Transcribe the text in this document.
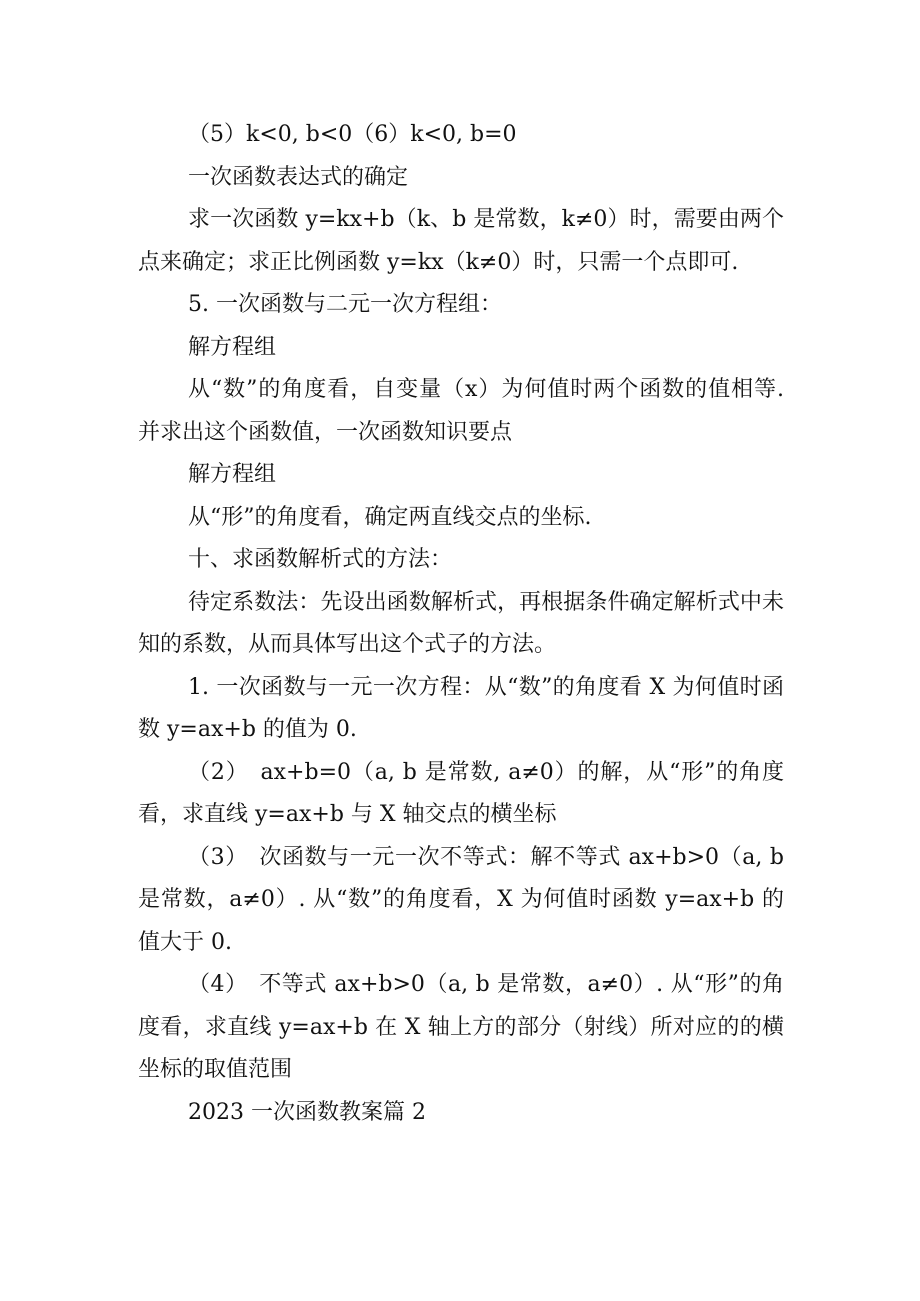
（5）k<0, b<0（6）k<0, b=0

一次函数表达式的确定

求一次函数 y=kx+b（k、b 是常数，k≠0）时，需要由两个点来确定；求正比例函数 y=kx（k≠0）时，只需一个点即可.

5. 一次函数与二元一次方程组：

解方程组

从“数”的角度看，自变量（x）为何值时两个函数的值相等. 并求出这个函数值，一次函数知识要点

解方程组

从“形”的角度看，确定两直线交点的坐标.

十、求函数解析式的方法：

待定系数法：先设出函数解析式，再根据条件确定解析式中未知的系数，从而具体写出这个式子的方法。

1. 一次函数与一元一次方程：从“数”的角度看 X 为何值时函数 y=ax+b 的值为 0.

（2）　ax+b=0（a, b 是常数, a≠0）的解，从“形”的角度看，求直线 y=ax+b 与 X 轴交点的横坐标

（3）　次函数与一元一次不等式：解不等式 ax+b>0（a, b 是常数，a≠0）. 从“数”的角度看，X 为何值时函数 y=ax+b 的值大于 0.

（4）　不等式 ax+b>0（a, b 是常数，a≠0）. 从“形”的角度看，求直线 y=ax+b 在 X 轴上方的部分（射线）所对应的的横坐标的取值范围

2023 一次函数教案篇 2
